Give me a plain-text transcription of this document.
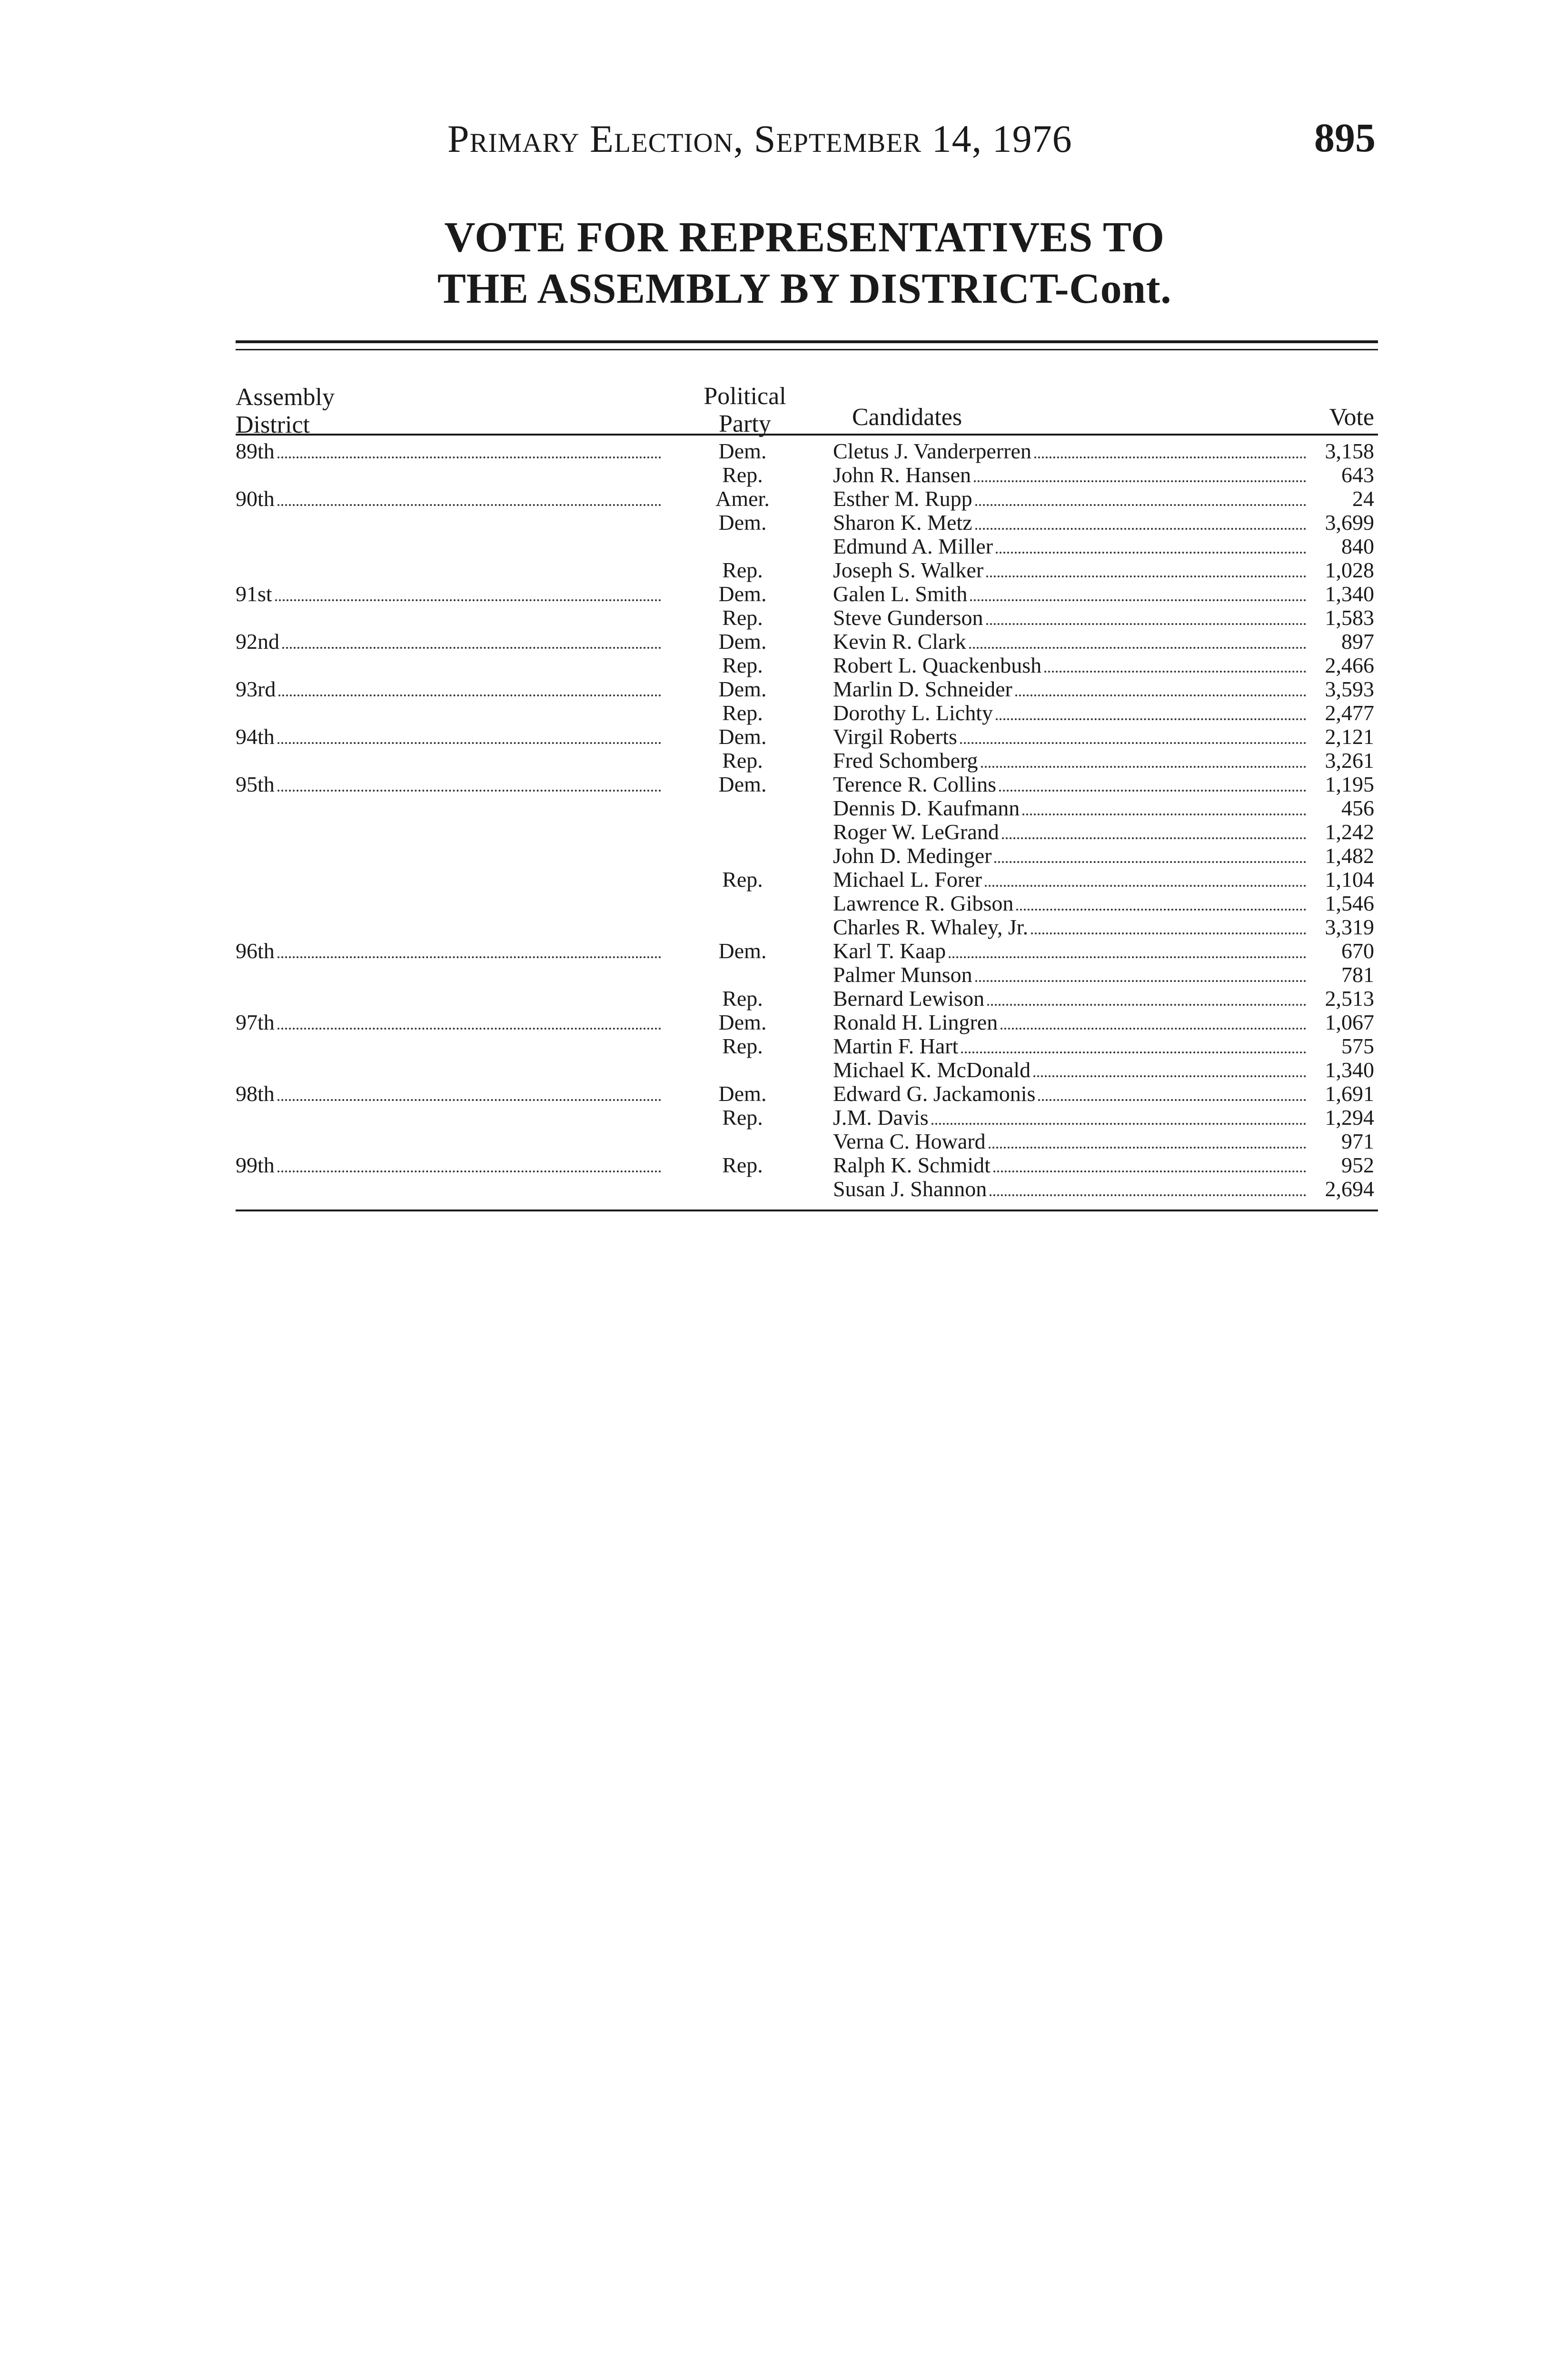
Primary Election, September 14, 1976	895
VOTE FOR REPRESENTATIVES TO
THE ASSEMBLY BY DISTRICT-Cont.
Assembly
District
Political
Party	Candidates	Vote
89th	Dem.	Cletus J. Vanderperren	3,158
Rep.	John R. Hansen	643
90th	Amer.	Esther M. Rupp	24
Dem.	Sharon K. Metz	3,699
Edmund A. Miller	840
Rep.	Joseph S. Walker	1,028
91st	Dem.	Galen L. Smith	1,340
Rep.	Steve Gunderson	1,583
92nd	Dem.	Kevin R. Clark	897
Rep.	Robert L. Quackenbush	2,466
93rd	Dem.	Marlin D. Schneider	3,593
Rep.	Dorothy L. Lichty	2,477
94th	Dem.	Virgil Roberts	2,121
Rep.	Fred Schomberg	3,261
95th	Dem.	Terence R. Collins	1,195
Dennis D. Kaufmann	456
Roger W. LeGrand	1,242
John D. Medinger	1,482
Rep.	Michael L. Forer	1,104
Lawrence R. Gibson	1,546
Charles R. Whaley, Jr.	3,319
96th	Dem.	Karl T. Kaap	670
Palmer Munson	781
Rep.	Bernard Lewison	2,513
97th	Dem.	Ronald H. Lingren	1,067
Rep.	Martin F. Hart	575
Michael K. McDonald	1,340
98th	Dem.	Edward G. Jackamonis	1,691
Rep.	J.M. Davis	1,294
Verna C. Howard	971
99th	Rep.	Ralph K. Schmidt	952
Susan J. Shannon	2,694
